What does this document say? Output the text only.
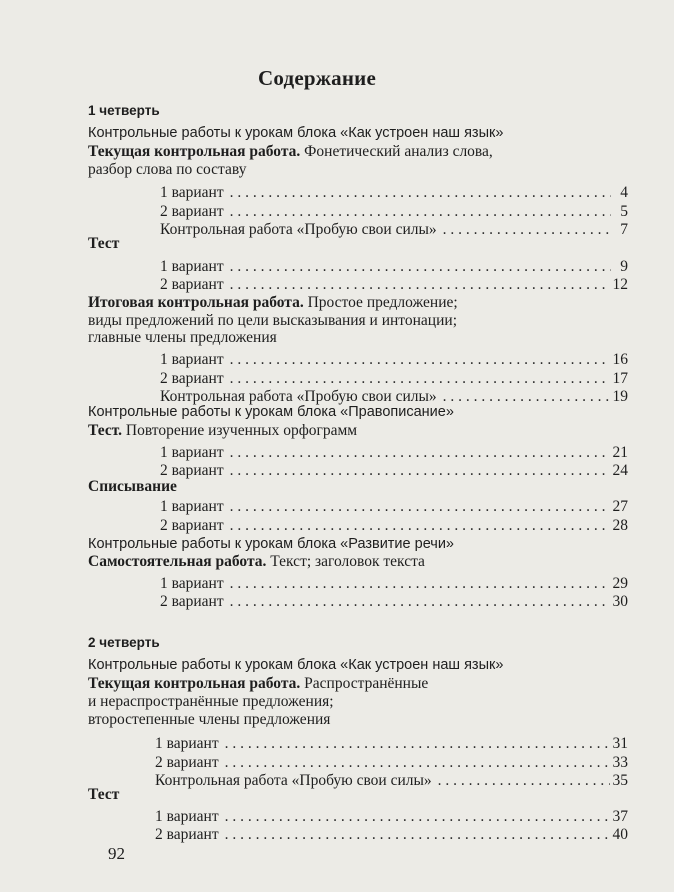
Содержание
1 четверть
Контрольные работы к урокам блока «Как устроен наш язык»
Текущая контрольная работа. Фонетический анализ слова,
разбор слова по составу
1 вариант . . .	4
2 вариант . . .	5
Контрольная работа «Пробую свои силы» . . .	7
Тест
1 вариант . . .	9
2 вариант . . .	12
Итоговая контрольная работа. Простое предложение;
виды предложений по цели высказывания и интонации;
главные члены предложения
1 вариант . . .	16
2 вариант . . .	17
Контрольная работа «Пробую свои силы» . . .	19
Контрольные работы к урокам блока «Правописание»
Тест. Повторение изученных орфограмм
1 вариант . . .	21
2 вариант . . .	24
Списывание
1 вариант . . .	27
2 вариант . . .	28
Контрольные работы к урокам блока «Развитие речи»
Самостоятельная работа. Текст; заголовок текста
1 вариант . . .	29
2 вариант . . .	30
2 четверть
Контрольные работы к урокам блока «Как устроен наш язык»
Текущая контрольная работа. Распространённые
и нераспространённые предложения;
второстепенные члены предложения
1 вариант . . .	31
2 вариант . . .	33
Контрольная работа «Пробую свои силы» . . .	35
Тест
1 вариант . . .	37
2 вариант . . .	40
92
